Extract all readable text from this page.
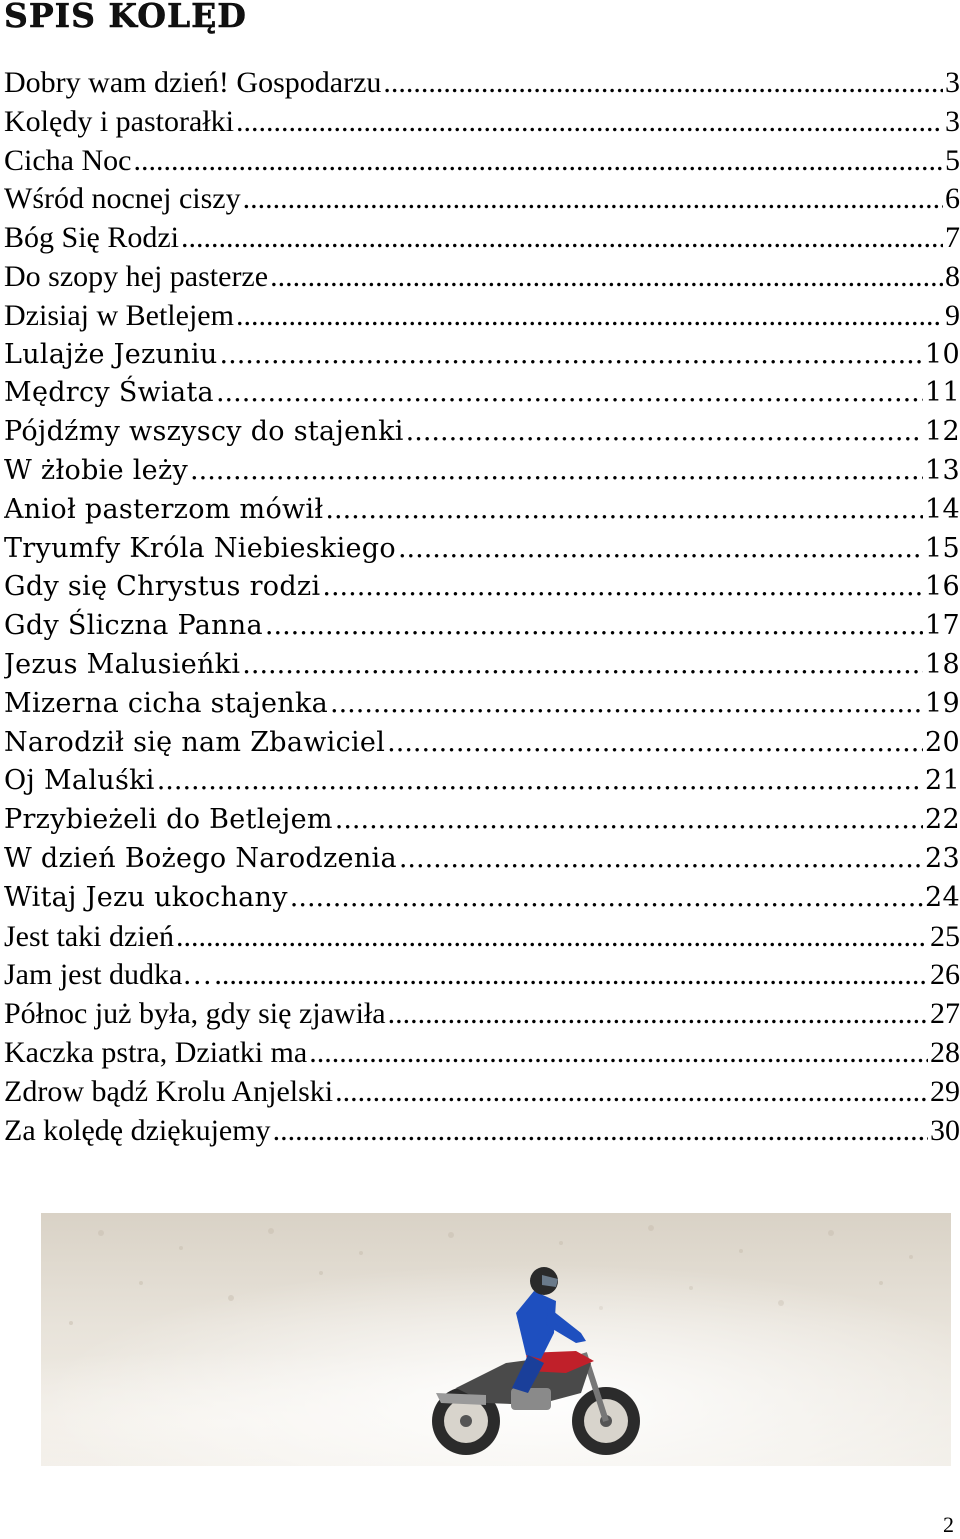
SPIS KOLĘD
Dobry wam dzień! Gospodarzu .....	3
Kolędy i pastorałki .....	3
Cicha Noc .....	5
Wśród nocnej ciszy .....	6
Bóg Się Rodzi .....	7
Do szopy hej pasterze .....	8
Dzisiaj w Betlejem .....	9
Lulajże Jezuniu .....	10
Mędrcy Świata .....	11
Pójdźmy wszyscy do stajenki .....	12
W żłobie leży .....	13
Anioł pasterzom mówił .....	14
Tryumfy Króla Niebieskiego .....	15
Gdy się Chrystus rodzi .....	16
Gdy Śliczna Panna .....	17
Jezus Malusieńki .....	18
Mizerna cicha stajenka .....	19
Narodził się nam Zbawiciel .....	20
Oj Maluśki .....	21
Przybieżeli do Betlejem .....	22
W dzień Bożego Narodzenia .....	23
Witaj Jezu ukochany .....	24
Jest taki dzień .....	25
Jam jest dudka… .....	26
Północ już była, gdy się zjawiła .....	27
Kaczka pstra, Dziatki ma .....	28
Zdrow bądź Krolu Anjelski .....	29
Za kolędę dziękujemy .....	30
2
